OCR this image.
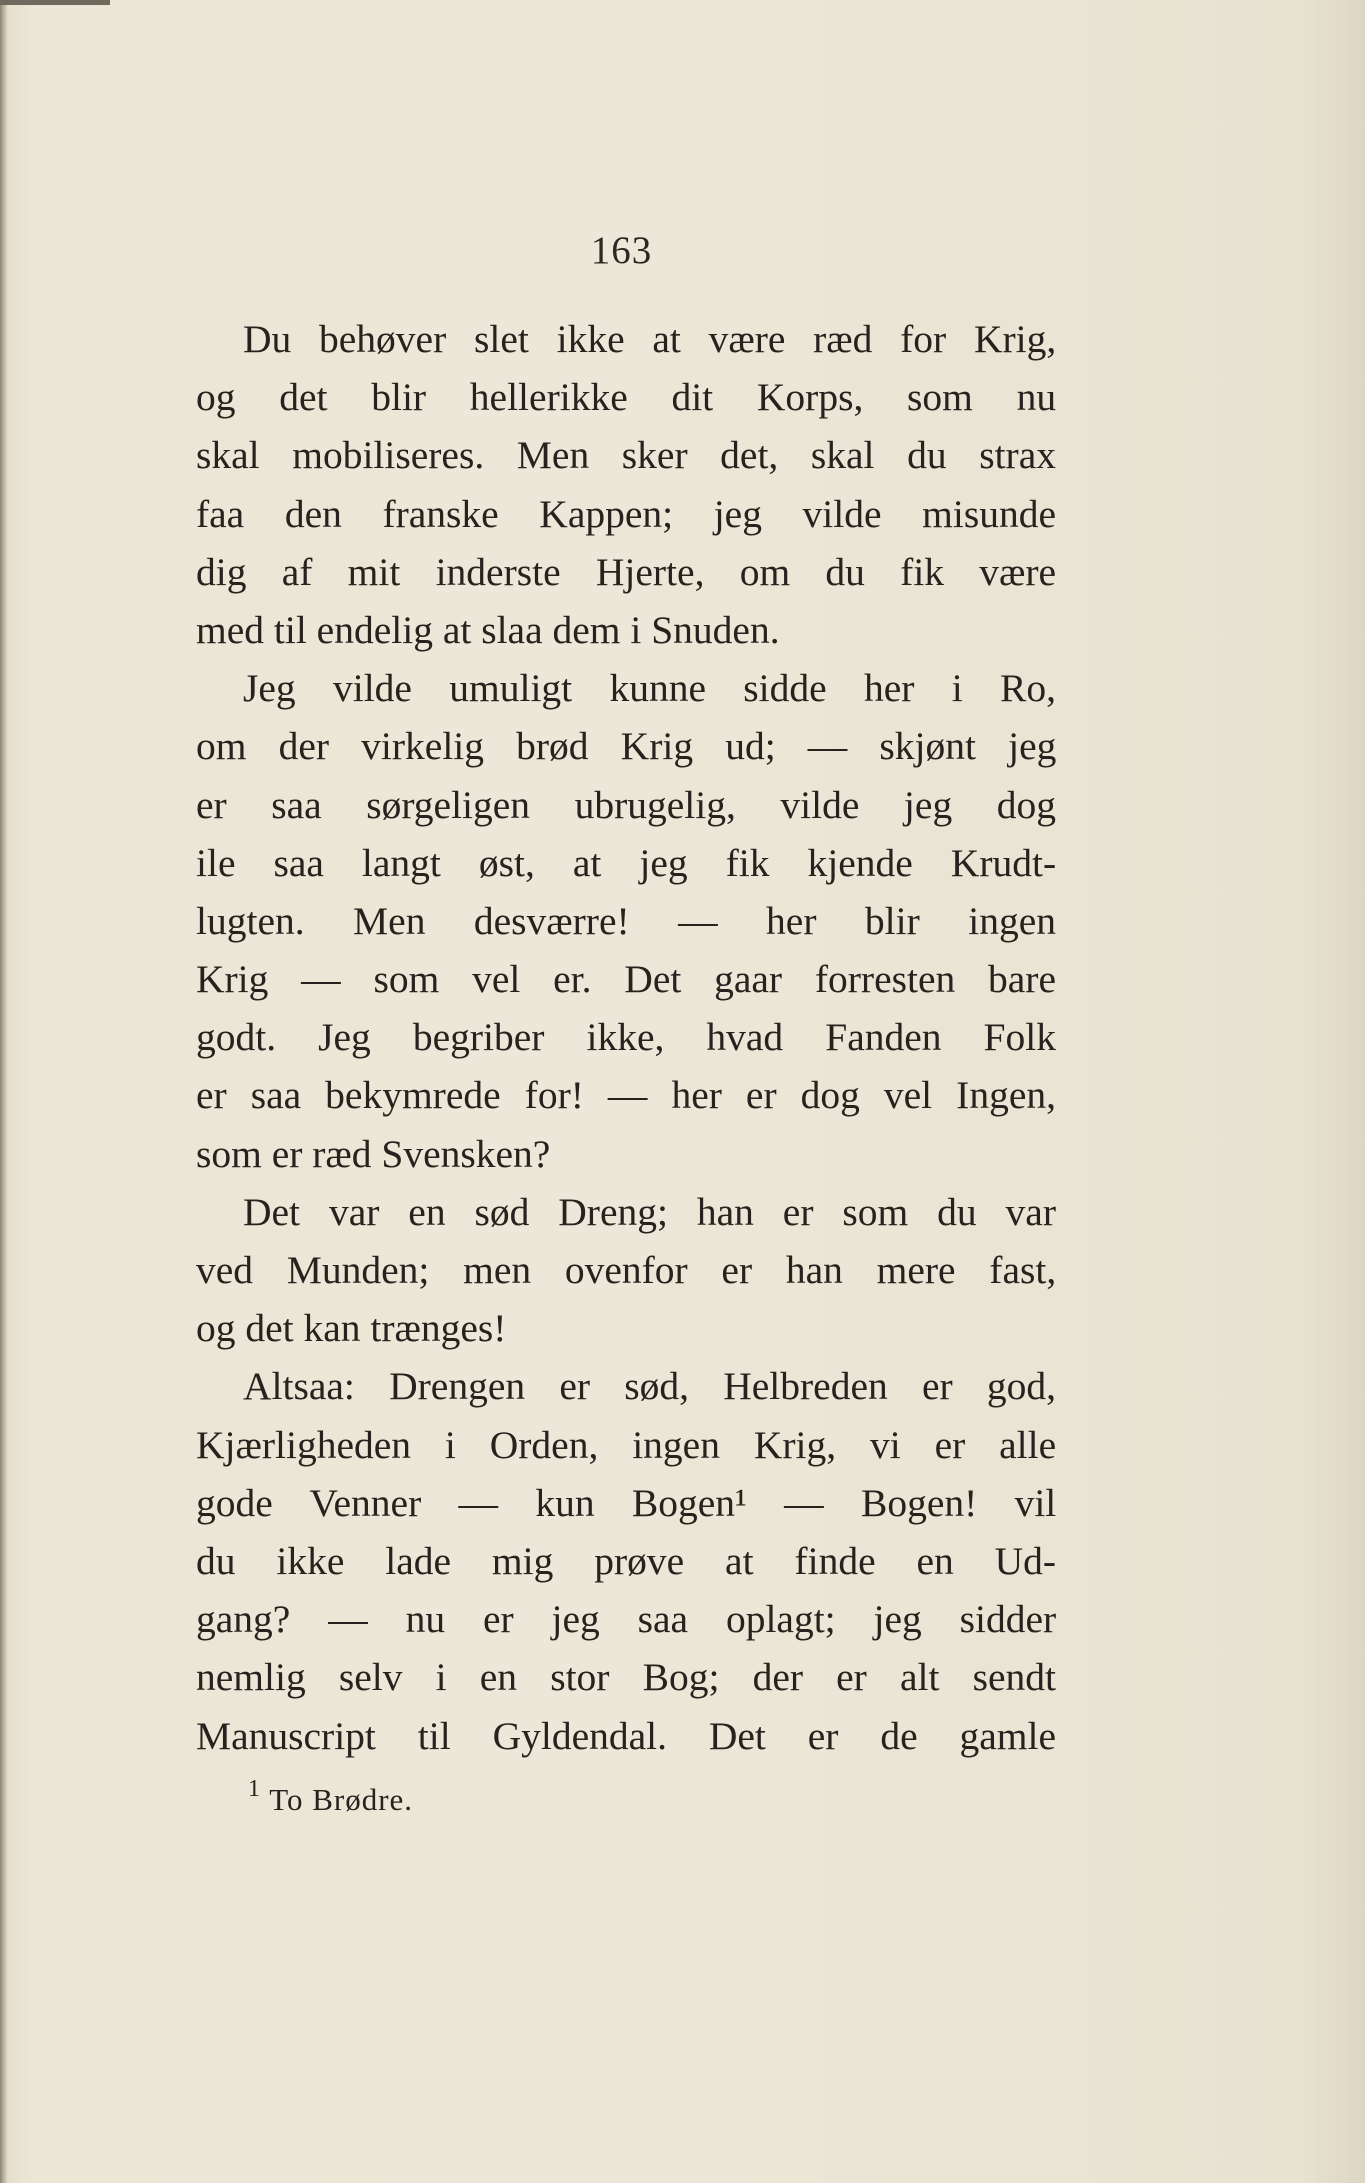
163
Du behøver slet ikke at være ræd for Krig,
og det blir hellerikke dit Korps, som nu
skal mobiliseres. Men sker det, skal du strax
faa den franske Kappen; jeg vilde misunde
dig af mit inderste Hjerte, om du fik være
med til endelig at slaa dem i Snuden.
Jeg vilde umuligt kunne sidde her i Ro,
om der virkelig brød Krig ud; — skjønt jeg
er saa sørgeligen ubrugelig, vilde jeg dog
ile saa langt øst, at jeg fik kjende Krudt-
lugten. Men desværre! — her blir ingen
Krig — som vel er. Det gaar forresten bare
godt. Jeg begriber ikke, hvad Fanden Folk
er saa bekymrede for! — her er dog vel Ingen,
som er ræd Svensken?
Det var en sød Dreng; han er som du var
ved Munden; men ovenfor er han mere fast,
og det kan trænges!
Altsaa: Drengen er sød, Helbreden er god,
Kjærligheden i Orden, ingen Krig, vi er alle
gode Venner — kun Bogen¹ — Bogen! vil
du ikke lade mig prøve at finde en Ud-
gang? — nu er jeg saa oplagt; jeg sidder
nemlig selv i en stor Bog; der er alt sendt
Manuscript til Gyldendal. Det er de gamle
$^1$ To Brødre.
